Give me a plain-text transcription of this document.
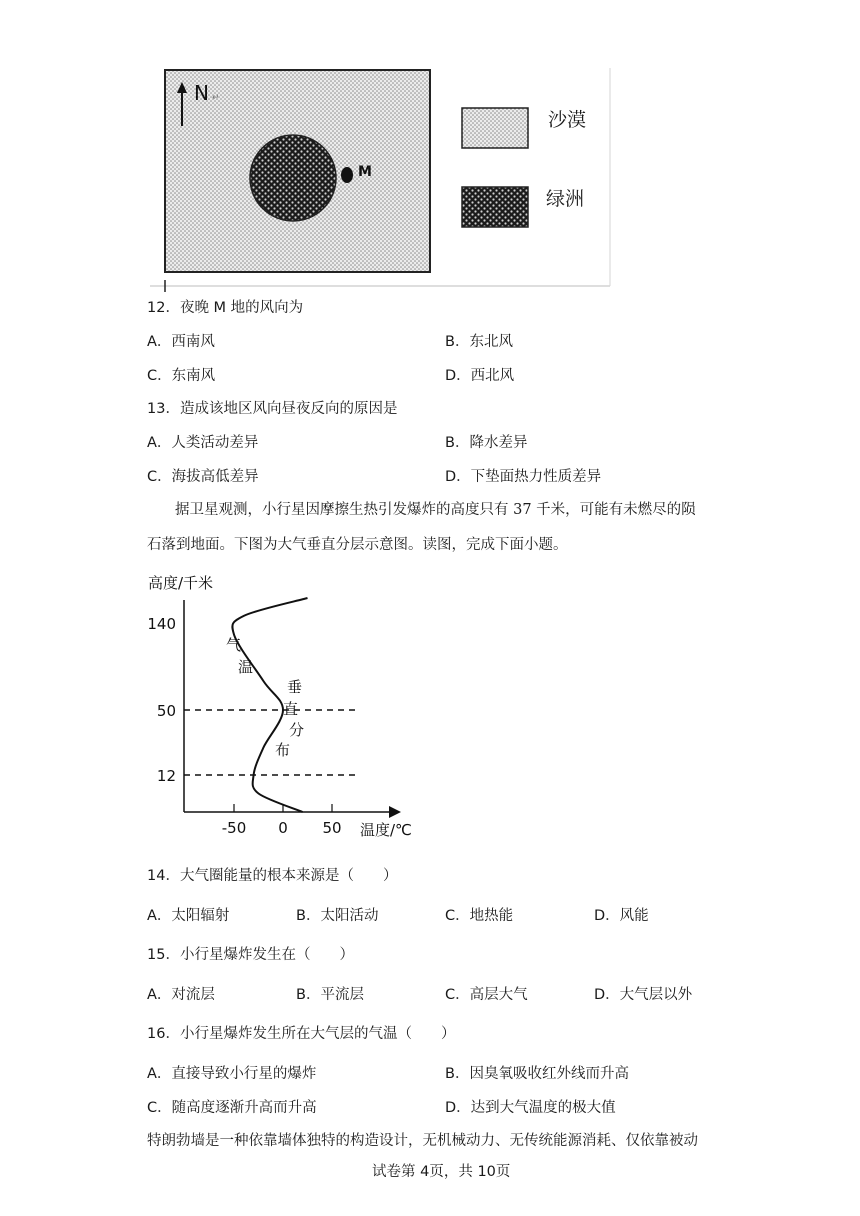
M
N ↵
沙漠
绿洲
12．夜晚 M 地的风向为
A．西南风	B．东北风
C．东南风	D．西北风
13．造成该地区风向昼夜反向的原因是
A．人类活动差异	B．降水差异
C．海拔高低差异	D．下垫面热力性质差异
据卫星观测，小行星因摩擦生热引发爆炸的高度只有 37 千米，可能有未燃尽的陨
石落到地面。下图为大气垂直分层示意图。读图，完成下面小题。
高度/千米
温度/℃
12
50
140
-50 0 50
气
温
垂
直
分
布
14．大气圈能量的根本来源是（　　）
A．太阳辐射	B．太阳活动	C．地热能	D．风能
15．小行星爆炸发生在（　　）
A．对流层	B．平流层	C．高层大气	D．大气层以外
16．小行星爆炸发生所在大气层的气温（　　）
A．直接导致小行星的爆炸	B．因臭氧吸收红外线而升高
C．随高度逐渐升高而升高	D．达到大气温度的极大值
特朗勃墙是一种依靠墙体独特的构造设计，无机械动力、无传统能源消耗、仅依靠被动
试卷第 4页，共 10页
